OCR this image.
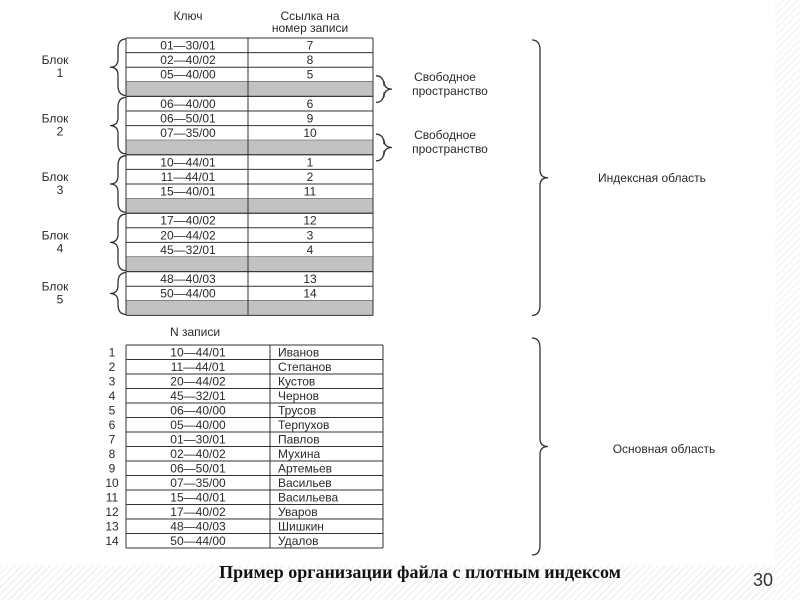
Ключ	Ссылка на
номер записи
01—30/01	7
02—40/02	8
05—40/00	5
Блок
1
06—40/00	6
06—50/01	9
07—35/00	10
Блок
2
10—44/01	1
11—44/01	2
15—40/01	11
Блок
3
17—40/02	12
20—44/02	3
45—32/01	4
Блок
4
48—40/03	13
50—44/00	14
Блок
5
Свободное
пространство
Свободное
пространство
Индексная область
N записи
1	10—44/01	Иванов
2	11—44/01	Степанов
3	20—44/02	Кустов
4	45—32/01	Чернов
5	06—40/00	Трусов
6	05—40/00	Терпухов
7	01—30/01	Павлов
8	02—40/02	Мухина
9	06—50/01	Артемьев
10	07—35/00	Васильев
11	15—40/01	Васильева
12	17—40/02	Уваров
13	48—40/03	Шишкин
14	50—44/00	Удалов
Основная область
Пример организации файла с плотным индексом	30
